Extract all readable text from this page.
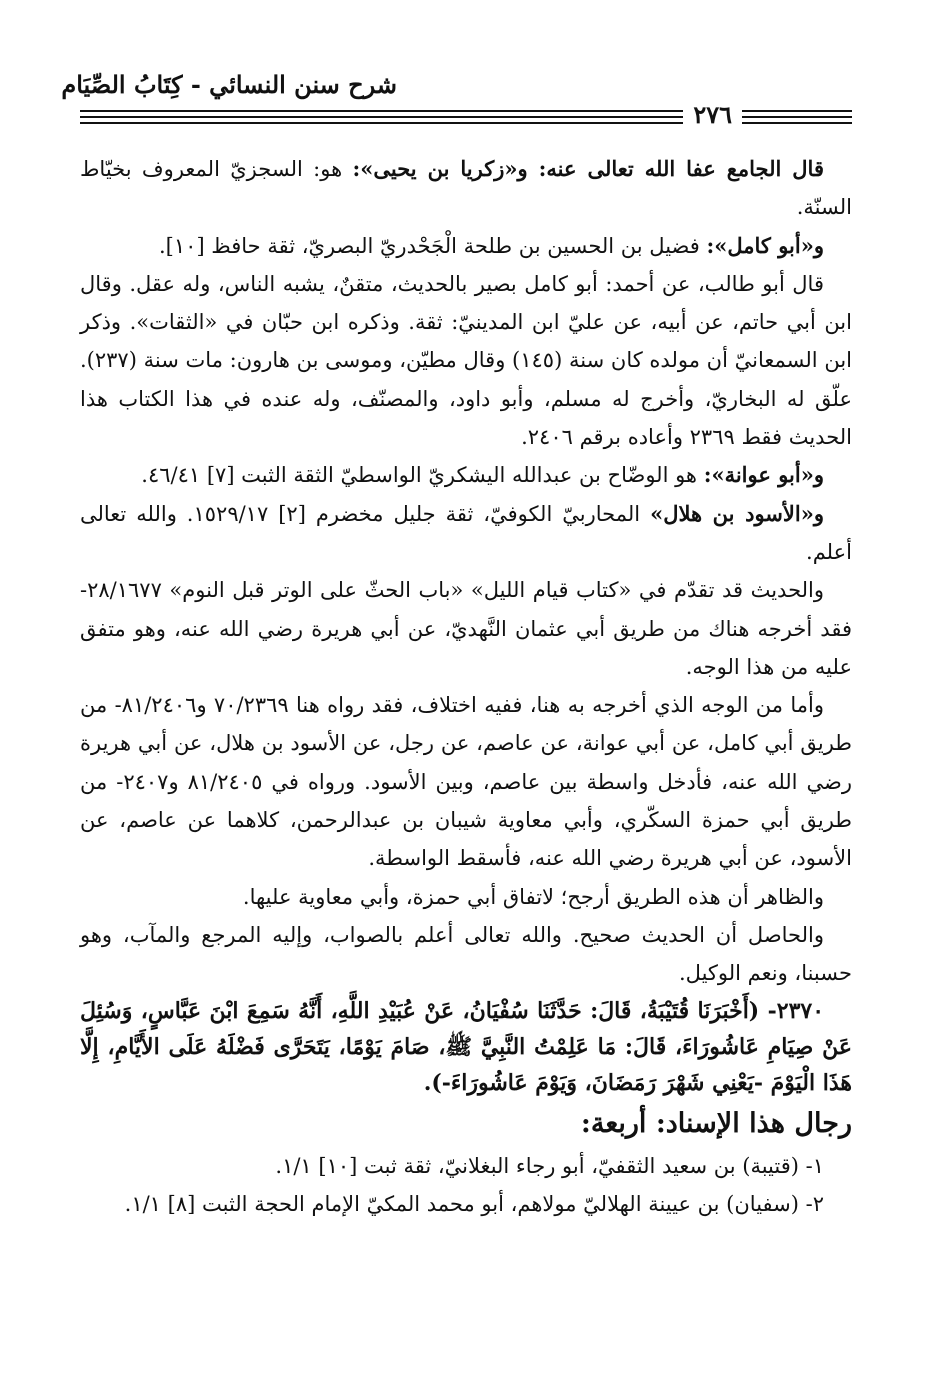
شرح سنن النسائي - كِتَابُ الصِّيَام
٢٧٦

قال الجامع عفا الله تعالى عنه: و«زكريا بن يحيى»: هو: السجزيّ المعروف بخيّاط السنّة.

و«أبو كامل»: فضيل بن الحسين بن طلحة الْجَحْدريّ البصريّ، ثقة حافظ [١٠].

قال أبو طالب، عن أحمد: أبو كامل بصير بالحديث، متقنٌ، يشبه الناس، وله عقل. وقال ابن أبي حاتم، عن أبيه، عن عليّ ابن المدينيّ: ثقة. وذكره ابن حبّان في «الثقات». وذكر ابن السمعانيّ أن مولده كان سنة (١٤٥) وقال مطيّن، وموسى بن هارون: مات سنة (٢٣٧). علّق له البخاريّ، وأخرج له مسلم، وأبو داود، والمصنّف، وله عنده في هذا الكتاب هذا الحديث فقط ٢٣٦٩ وأعاده برقم ٢٤٠٦.

و«أبو عوانة»: هو الوضّاح بن عبدالله اليشكريّ الواسطيّ الثقة الثبت [٧] ٤٦/٤١.

و«الأسود بن هلال» المحاربيّ الكوفيّ، ثقة جليل مخضرم [٢] ١٥٢٩/١٧. والله تعالى أعلم.

والحديث قد تقدّم في «كتاب قيام الليل» «باب الحثّ على الوتر قبل النوم» ٢٨/١٦٧٧- فقد أخرجه هناك من طريق أبي عثمان النَّهديّ، عن أبي هريرة رضي الله عنه، وهو متفق عليه من هذا الوجه.

وأما من الوجه الذي أخرجه به هنا، ففيه اختلاف، فقد رواه هنا ٧٠/٢٣٦٩ و٨١/٢٤٠٦- من طريق أبي كامل، عن أبي عوانة، عن عاصم، عن رجل، عن الأسود بن هلال، عن أبي هريرة رضي الله عنه، فأدخل واسطة بين عاصم، وبين الأسود. ورواه في ٨١/٢٤٠٥ و٢٤٠٧- من طريق أبي حمزة السكّري، وأبي معاوية شيبان بن عبدالرحمن، كلاهما عن عاصم، عن الأسود، عن أبي هريرة رضي الله عنه، فأسقط الواسطة.

والظاهر أن هذه الطريق أرجح؛ لاتفاق أبي حمزة، وأبي معاوية عليها.

والحاصل أن الحديث صحيح. والله تعالى أعلم بالصواب، وإليه المرجع والمآب، وهو حسبنا، ونعم الوكيل.

٢٣٧٠- (أَخْبَرَنَا قُتَيْبَةُ، قَالَ: حَدَّثَنَا سُفْيَانُ، عَنْ عُبَيْدِ اللَّهِ، أَنَّهُ سَمِعَ ابْنَ عَبَّاسٍ، وَسُئِلَ عَنْ صِيَامِ عَاشُورَاءَ، قَالَ: مَا عَلِمْتُ النَّبِيَّ ﷺ، صَامَ يَوْمًا، يَتَحَرَّى فَضْلَهُ عَلَى الأَيَّامِ، إِلَّا هَذَا الْيَوْمَ -يَعْنِي شَهْرَ رَمَضَانَ، وَيَوْمَ عَاشُورَاءَ-).

رجال هذا الإسناد: أربعة:

١- (قتيبة) بن سعيد الثقفيّ، أبو رجاء البغلانيّ، ثقة ثبت [١٠] ١/١.

٢- (سفيان) بن عيينة الهلاليّ مولاهم، أبو محمد المكيّ الإمام الحجة الثبت [٨] ١/١.
